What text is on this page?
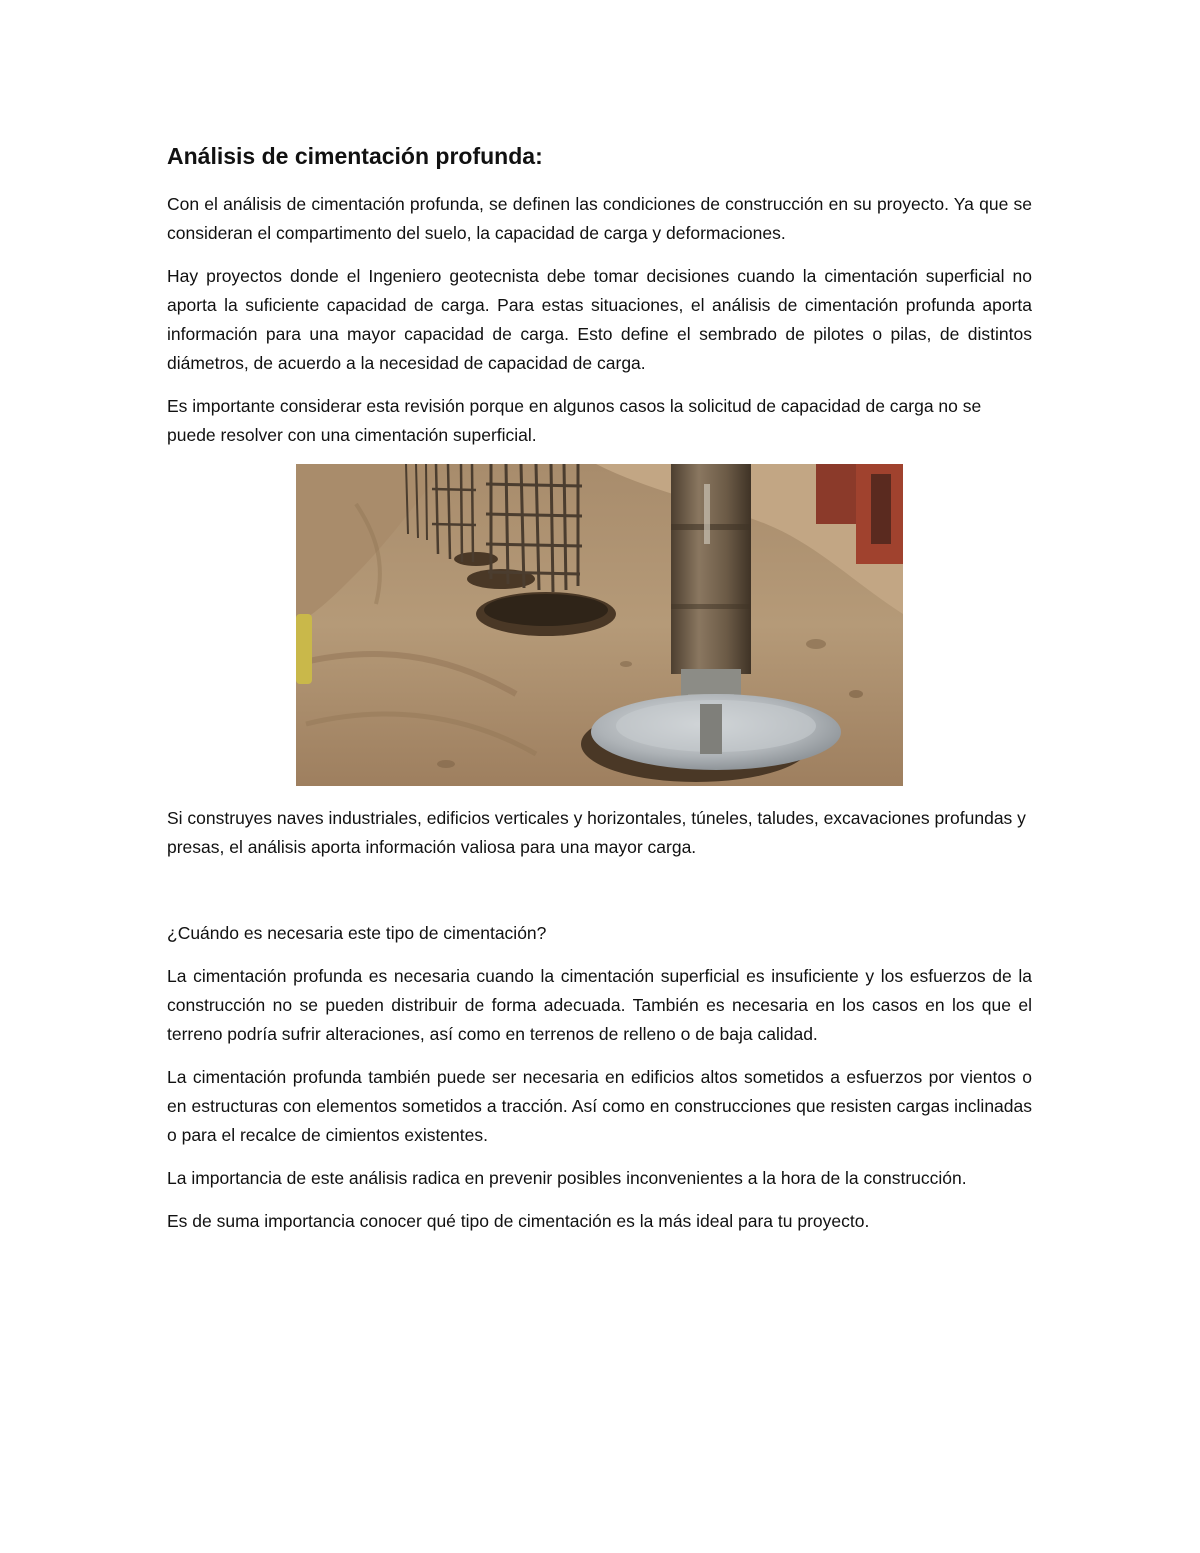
Análisis de cimentación profunda:

Con el análisis de cimentación profunda, se definen las condiciones de construcción en su proyecto. Ya que se consideran el compartimento del suelo, la capacidad de carga y deformaciones.

Hay proyectos donde el Ingeniero geotecnista debe tomar decisiones cuando la cimentación superficial no aporta la suficiente capacidad de carga. Para estas situaciones, el análisis de cimentación profunda aporta información para una mayor capacidad de carga. Esto define el sembrado de pilotes o pilas, de distintos diámetros, de acuerdo a la necesidad de capacidad de carga.

Es importante considerar esta revisión porque en algunos casos la solicitud de capacidad de carga no se puede resolver con una cimentación superficial.

Si construyes naves industriales, edificios verticales y horizontales, túneles, taludes, excavaciones profundas y presas, el análisis aporta información valiosa para una mayor carga.

¿Cuándo es necesaria este tipo de cimentación?

La cimentación profunda es necesaria cuando la cimentación superficial es insuficiente y los esfuerzos de la construcción no se pueden distribuir de forma adecuada. También es necesaria en los casos en los que el terreno podría sufrir alteraciones, así como en terrenos de relleno o de baja calidad.

La cimentación profunda también puede ser necesaria en edificios altos sometidos a esfuerzos por vientos o en estructuras con elementos sometidos a tracción. Así como en construcciones que resisten cargas inclinadas o para el recalce de cimientos existentes.

La importancia de este análisis radica en prevenir posibles inconvenientes a la hora de la construcción.

Es de suma importancia conocer qué tipo de cimentación es la más ideal para tu proyecto.
